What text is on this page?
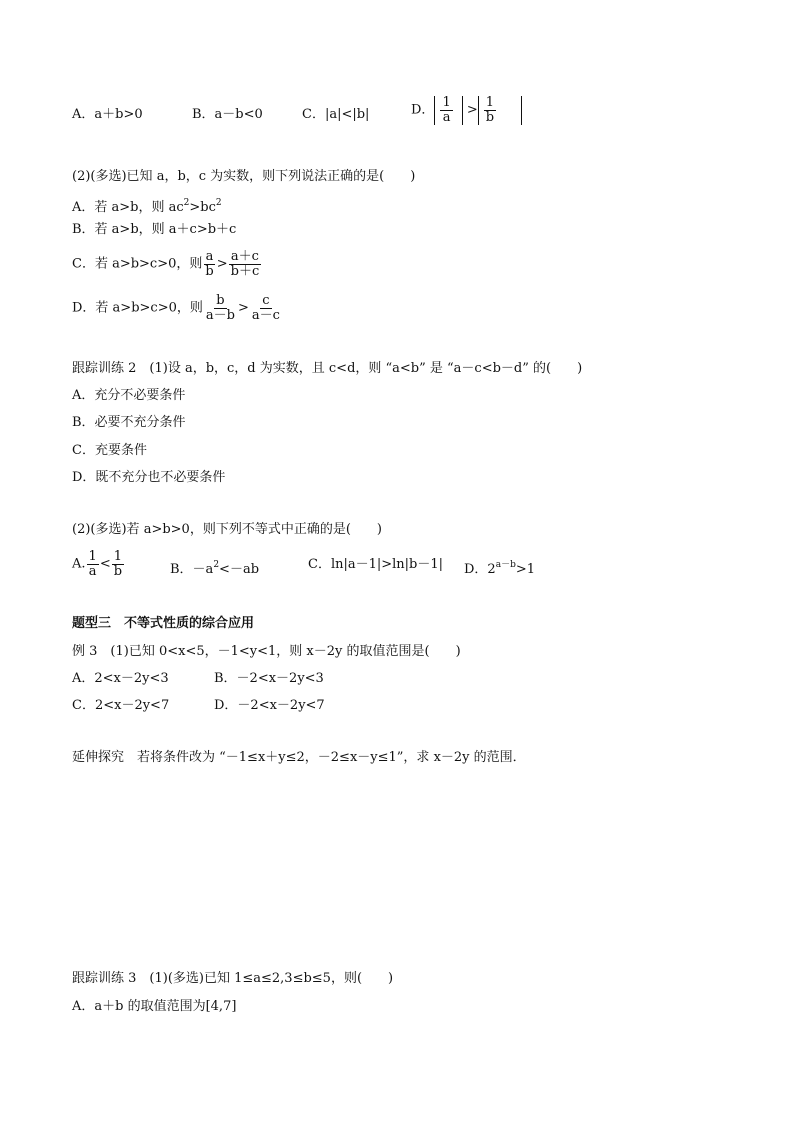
A．a＋b>0	B．a－b<0	C．|a|<|b|	D． $\frac{1}{a} > \frac{1}{b}$
(2)(多选)已知 a，b，c 为实数，则下列说法正确的是(　　)
A．若 a>b，则 $ac^2>bc^2$
B．若 a>b，则 a＋c>b＋c
C．若 a>b>c>0，则 $\frac{a}{b} > \frac{a+c}{b+c}$
D．若 a>b>c>0，则 $\frac{b}{a-b} > \frac{c}{a-c}$
跟踪训练 2　(1)设 a，b，c，d 为实数，且 c<d，则 “a<b” 是 “a－c<b－d” 的(　　)
A．充分不必要条件
B．必要不充分条件
C．充要条件
D．既不充分也不必要条件
(2)(多选)若 a>b>0，则下列不等式中正确的是(　　)
A. $\frac{1}{a} < \frac{1}{b}$	B．$-a^2<-ab$	C．ln|a－1|>ln|b－1| D．$2^{a-b}>1$
题型三　不等式性质的综合应用
例 3　(1)已知 0<x<5，－1<y<1，则 x－2y 的取值范围是(　　)
A．2<x－2y<3	B．－2<x－2y<3
C．2<x－2y<7	D．－2<x－2y<7
延伸探究　若将条件改为 “－1≤x＋y≤2，－2≤x－y≤1”，求 x－2y 的范围．
跟踪训练 3　(1)(多选)已知 1≤a≤2,3≤b≤5，则(　　)
A．a＋b 的取值范围为[4,7]
